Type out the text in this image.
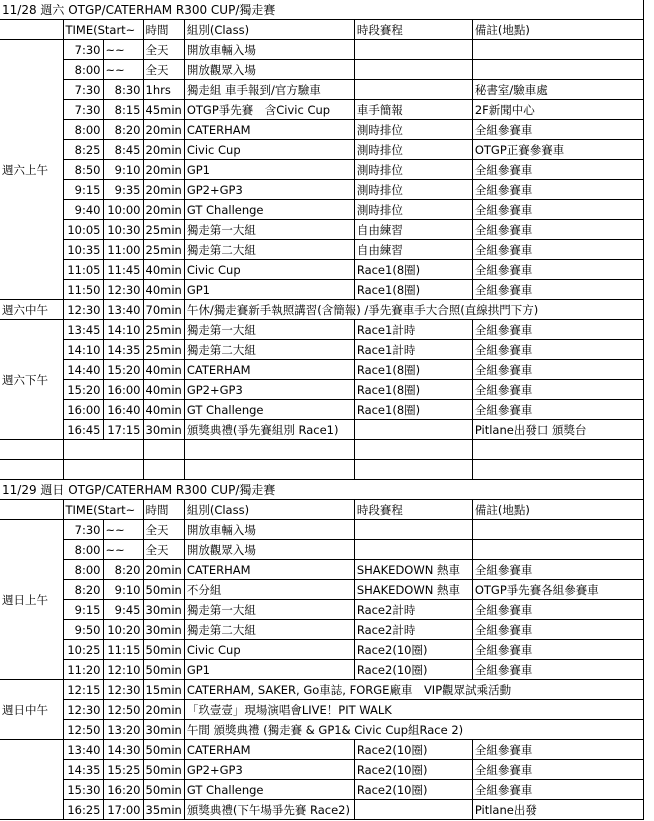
11/28 週六 OTGP/CATERHAM R300 CUP/獨走賽						
	TIME(Start~		時間	組別(Class)	時段賽程	備註(地點)
週六上午	7:30	~~	全天	開放車輛入場		
	8:00	~~	全天	開放觀眾入場		
	7:30	8:30	1hrs	獨走組 車手報到/官方驗車		秘書室/驗車處
	7:30	8:15	45min	OTGP爭先賽　含Civic Cup	車手簡報	2F新聞中心
	8:00	8:20	20min	CATERHAM	測時排位	全組參賽車
	8:25	8:45	20min	Civic Cup	測時排位	OTGP正賽參賽車
	8:50	9:10	20min	GP1	測時排位	全組參賽車
	9:15	9:35	20min	GP2+GP3	測時排位	全組參賽車
	9:40	10:00	20min	GT Challenge	測時排位	全組參賽車
	10:05	10:30	25min	獨走第一大組	自由練習	全組參賽車
	10:35	11:00	25min	獨走第二大組	自由練習	全組參賽車
	11:05	11:45	40min	Civic Cup	Race1(8圈)	全組參賽車
	11:50	12:30	40min	GP1	Race1(8圈)	全組參賽車
週六中午	12:30	13:40	70min	午休/獨走賽新手執照講習(含簡報) /爭先賽車手大合照(直線拱門下方)		
週六下午	13:45	14:10	25min	獨走第一大組	Race1計時	全組參賽車
	14:10	14:35	25min	獨走第二大組	Race1計時	全組參賽車
	14:40	15:20	40min	CATERHAM	Race1(8圈)	全組參賽車
	15:20	16:00	40min	GP2+GP3	Race1(8圈)	全組參賽車
	16:00	16:40	40min	GT Challenge	Race1(8圈)	全組參賽車
	16:45	17:15	30min	頒獎典禮(爭先賽組別 Race1)		Pitlane出發口 頒獎台

11/29 週日 OTGP/CATERHAM R300 CUP/獨走賽						
	TIME(Start~		時間	組別(Class)	時段賽程	備註(地點)
週日上午	7:30	~~	全天	開放車輛入場		
	8:00	~~	全天	開放觀眾入場		
	8:00	8:20	20min	CATERHAM	SHAKEDOWN 熱車	全組參賽車
	8:20	9:10	50min	不分組	SHAKEDOWN 熱車	OTGP爭先賽各組參賽車
	9:15	9:45	30min	獨走第一大組	Race2計時	全組參賽車
	9:50	10:20	30min	獨走第二大組	Race2計時	全組參賽車
	10:25	11:15	50min	Civic Cup	Race2(10圈)	全組參賽車
	11:20	12:10	50min	GP1	Race2(10圈)	全組參賽車
週日中午	12:15	12:30	15min	CATERHAM, SAKER, Go車誌, FORGE廠車　VIP觀眾試乘活動		
	12:30	12:50	20min	「玖壹壹」現場演唱會LIVE！PIT WALK		
	12:50	13:20	30min	午間 頒獎典禮 (獨走賽 & GP1& Civic Cup組Race 2)		
	13:40	14:30	50min	CATERHAM	Race2(10圈)	全組參賽車
	14:35	15:25	50min	GP2+GP3	Race2(10圈)	全組參賽車
	15:30	16:20	50min	GT Challenge	Race2(10圈)	全組參賽車
	16:25	17:00	35min	頒獎典禮(下午場爭先賽 Race2)		Pitlane出發
